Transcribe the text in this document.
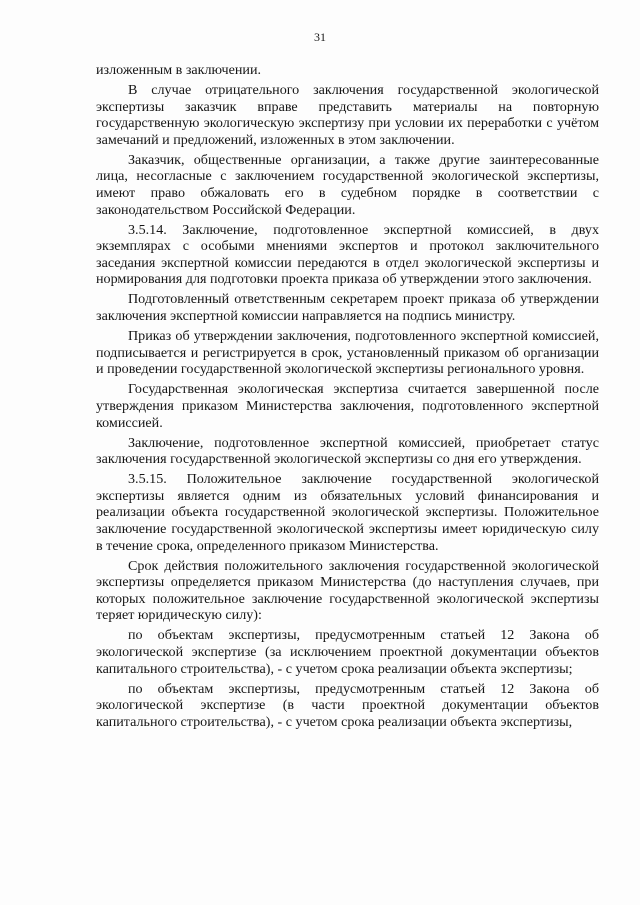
31

изложенным в заключении.

В случае отрицательного заключения государственной экологической экспертизы заказчик вправе представить материалы на повторную государственную экологическую экспертизу при условии их переработки с учётом замечаний и предложений, изложенных в этом заключении.

Заказчик, общественные организации, а также другие заинтересованные лица, несогласные с заключением государственной экологической экспертизы, имеют право обжаловать его в судебном порядке в соответствии с законодательством Российской Федерации.

3.5.14. Заключение, подготовленное экспертной комиссией, в двух экземплярах с особыми мнениями экспертов и протокол заключительного заседания экспертной комиссии передаются в отдел экологической экспертизы и нормирования для подготовки проекта приказа об утверждении этого заключения.

Подготовленный ответственным секретарем проект приказа об утверждении заключения экспертной комиссии направляется на подпись министру.

Приказ об утверждении заключения, подготовленного экспертной комиссией, подписывается и регистрируется в срок, установленный приказом об организации и проведении государственной экологической экспертизы регионального уровня.

Государственная экологическая экспертиза считается завершенной после утверждения приказом Министерства заключения, подготовленного экспертной комиссией.

Заключение, подготовленное экспертной комиссией, приобретает статус заключения государственной экологической экспертизы со дня его утверждения.

3.5.15. Положительное заключение государственной экологической экспертизы является одним из обязательных условий финансирования и реализации объекта государственной экологической экспертизы. Положительное заключение государственной экологической экспертизы имеет юридическую силу в течение срока, определенного приказом Министерства.

Срок действия положительного заключения государственной экологической экспертизы определяется приказом Министерства (до наступления случаев, при которых положительное заключение государственной экологической экспертизы теряет юридическую силу):

по объектам экспертизы, предусмотренным статьей 12 Закона об экологической экспертизе (за исключением проектной документации объектов капитального строительства), - с учетом срока реализации объекта экспертизы;

по объектам экспертизы, предусмотренным статьей 12 Закона об экологической экспертизе (в части проектной документации объектов капитального строительства), - с учетом срока реализации объекта экспертизы,
